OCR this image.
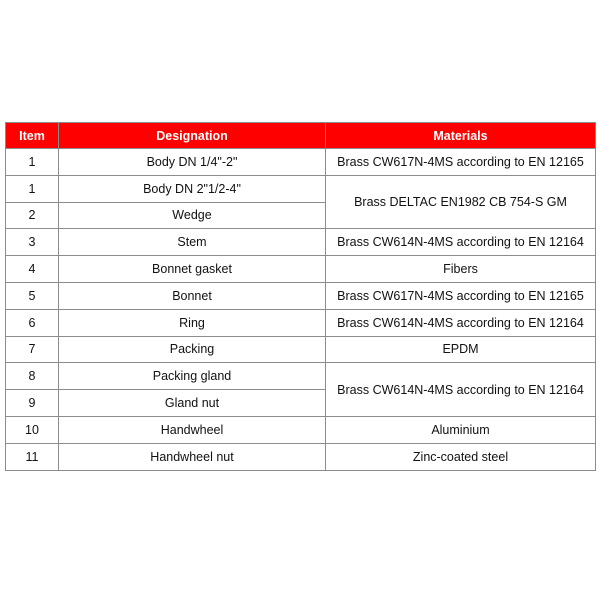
Item	Designation	Materials
1	Body DN 1/4"-2"	Brass CW617N-4MS according to EN 12165
1	Body DN 2"1/2-4"	Brass DELTAC EN1982 CB 754-S GM
2	Wedge	
3	Stem	Brass CW614N-4MS according to EN 12164
4	Bonnet gasket	Fibers
5	Bonnet	Brass CW617N-4MS according to EN 12165
6	Ring	Brass CW614N-4MS according to EN 12164
7	Packing	EPDM
8	Packing gland	Brass CW614N-4MS according to EN 12164
9	Gland nut	
10	Handwheel	Aluminium
11	Handwheel nut	Zinc-coated steel
